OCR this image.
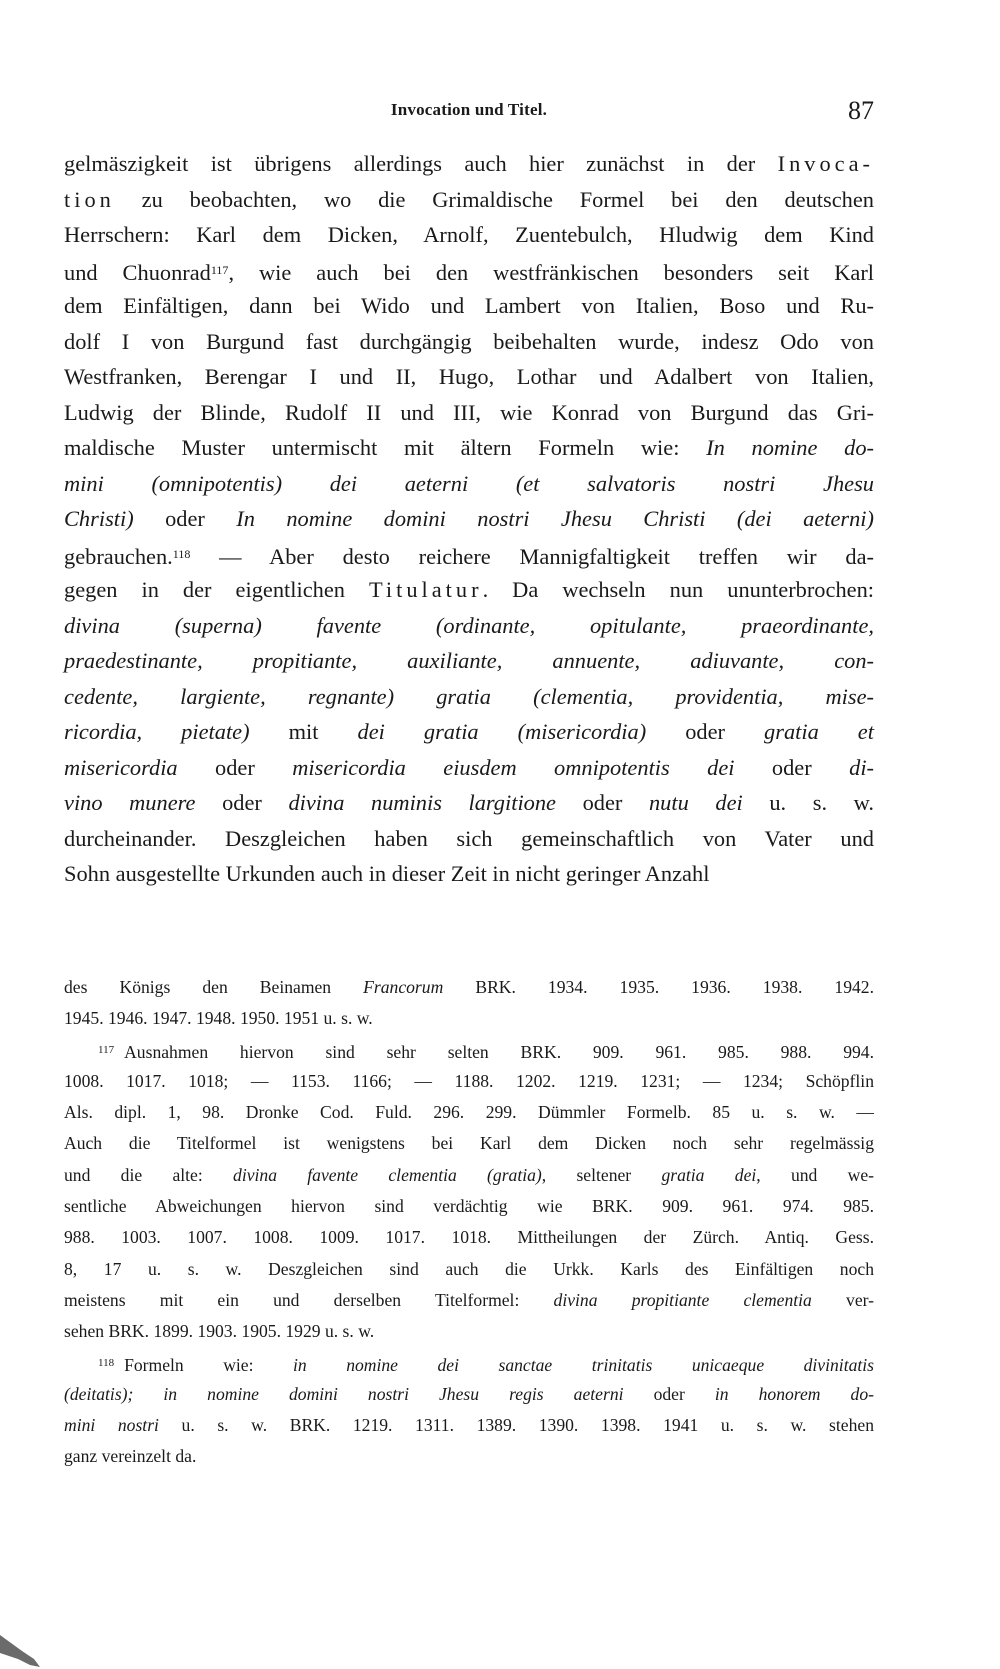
Invocation und Titel.	87
gelmäszigkeit ist übrigens allerdings auch hier zunächst in der Invoca-
tion zu beobachten, wo die Grimaldische Formel bei den deutschen
Herrschern: Karl dem Dicken, Arnolf, Zuentebulch, Hludwig dem Kind
und Chuonrad$^{117}$, wie auch bei den westfränkischen besonders seit Karl
dem Einfältigen, dann bei Wido und Lambert von Italien, Boso und Ru-
dolf I von Burgund fast durchgängig beibehalten wurde, indesz Odo von
Westfranken, Berengar I und II, Hugo, Lothar und Adalbert von Italien,
Ludwig der Blinde, Rudolf II und III, wie Konrad von Burgund das Gri-
maldische Muster untermischt mit ältern Formeln wie: In nomine do-
mini (omnipotentis) dei aeterni (et salvatoris nostri Jhesu
Christi) oder In nomine domini nostri Jhesu Christi (dei aeterni)
gebrauchen.$^{118}$ — Aber desto reichere Mannigfaltigkeit treffen wir da-
gegen in der eigentlichen Titulatur. Da wechseln nun ununterbrochen:
divina (superna) favente (ordinante, opitulante, praeordinante,
praedestinante, propitiante, auxiliante, annuente, adiuvante, con-
cedente, largiente, regnante) gratia (clementia, providentia, mise-
ricordia, pietate) mit dei gratia (misericordia) oder gratia et
misericordia oder misericordia eiusdem omnipotentis dei oder di-
vino munere oder divina numinis largitione oder nutu dei u. s. w.
durcheinander. Deszgleichen haben sich gemeinschaftlich von Vater und
Sohn ausgestellte Urkunden auch in dieser Zeit in nicht geringer Anzahl
des Königs den Beinamen Francorum BRK. 1934. 1935. 1936. 1938. 1942.
1945. 1946. 1947. 1948. 1950. 1951 u. s. w.
$^{117}$ Ausnahmen hiervon sind sehr selten BRK. 909. 961. 985. 988. 994.
1008. 1017. 1018; — 1153. 1166; — 1188. 1202. 1219. 1231; — 1234; Schöpflin
Als. dipl. 1, 98. Dronke Cod. Fuld. 296. 299. Dümmler Formelb. 85 u. s. w. —
Auch die Titelformel ist wenigstens bei Karl dem Dicken noch sehr regelmässig
und die alte: divina favente clementia (gratia), seltener gratia dei, und we-
sentliche Abweichungen hiervon sind verdächtig wie BRK. 909. 961. 974. 985.
988. 1003. 1007. 1008. 1009. 1017. 1018. Mittheilungen der Zürch. Antiq. Gess.
8, 17 u. s. w. Deszgleichen sind auch die Urkk. Karls des Einfältigen noch
meistens mit ein und derselben Titelformel: divina propitiante clementia ver-
sehen BRK. 1899. 1903. 1905. 1929 u. s. w.
$^{118}$ Formeln wie: in nomine dei sanctae trinitatis unicaeque divinitatis
(deitatis); in nomine domini nostri Jhesu regis aeterni oder in honorem do-
mini nostri u. s. w. BRK. 1219. 1311. 1389. 1390. 1398. 1941 u. s. w. stehen
ganz vereinzelt da.
